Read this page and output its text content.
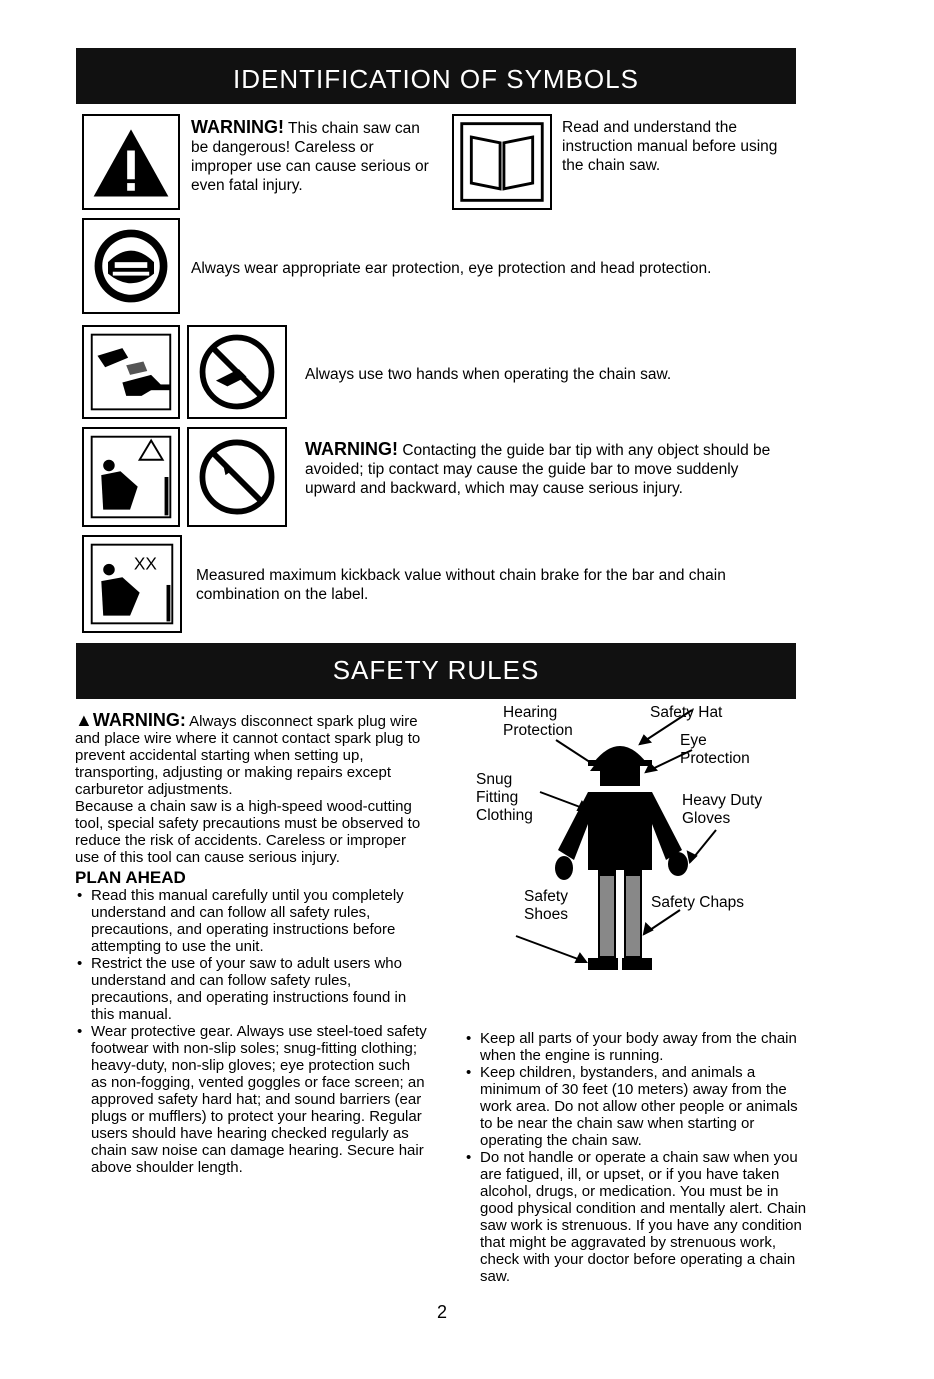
IDENTIFICATION OF SYMBOLS
WARNING! This chain saw can be dangerous! Careless or improper use can cause serious or even fatal injury.
Read and understand the instruction manual before using the chain saw.
Always wear appropriate ear protection, eye protection and head protection.
Always use two hands when operating the chain saw.
WARNING! Contacting the guide bar tip with any object should be avoided; tip contact may cause the guide bar to move suddenly upward and backward, which may cause serious injury.
XX
Measured maximum kickback value without chain brake for the bar and chain combination on the label.
SAFETY RULES

▲WARNING: Always disconnect spark plug wire and place wire where it cannot contact spark plug to prevent accidental starting when setting up, transporting, adjusting or making repairs except carburetor adjustments.

Because a chain saw is a high-speed wood-cutting tool, special safety precautions must be observed to reduce the risk of accidents. Careless or improper use of this tool can cause serious injury.

PLAN AHEAD
• Read this manual carefully until you completely understand and can follow all safety rules, precautions, and operating instructions before attempting to use the unit.
• Restrict the use of your saw to adult users who understand and can follow safety rules, precautions, and operating instructions found in this manual.
• Wear protective gear. Always use steel-toed safety footwear with non-slip soles; snug-fitting clothing; heavy-duty, non-slip gloves; eye protection such as non-fogging, vented goggles or face screen; an approved safety hard hat; and sound barriers (ear plugs or mufflers) to protect your hearing. Regular users should have hearing checked regularly as chain saw noise can damage hearing. Secure hair above shoulder length.
Hearing
Protection
Safety Hat
Eye
Protection
Snug
Fitting
Clothing
Heavy Duty
Gloves
Safety
Shoes
Safety Chaps
• Keep all parts of your body away from the chain when the engine is running.
• Keep children, bystanders, and animals a minimum of 30 feet (10 meters) away from the work area. Do not allow other people or animals to be near the chain saw when starting or operating the chain saw.
• Do not handle or operate a chain saw when you are fatigued, ill, or upset, or if you have taken alcohol, drugs, or medication. You must be in good physical condition and mentally alert. Chain saw work is strenuous. If you have any condition that might be aggravated by strenuous work, check with your doctor before operating a chain saw.
2
